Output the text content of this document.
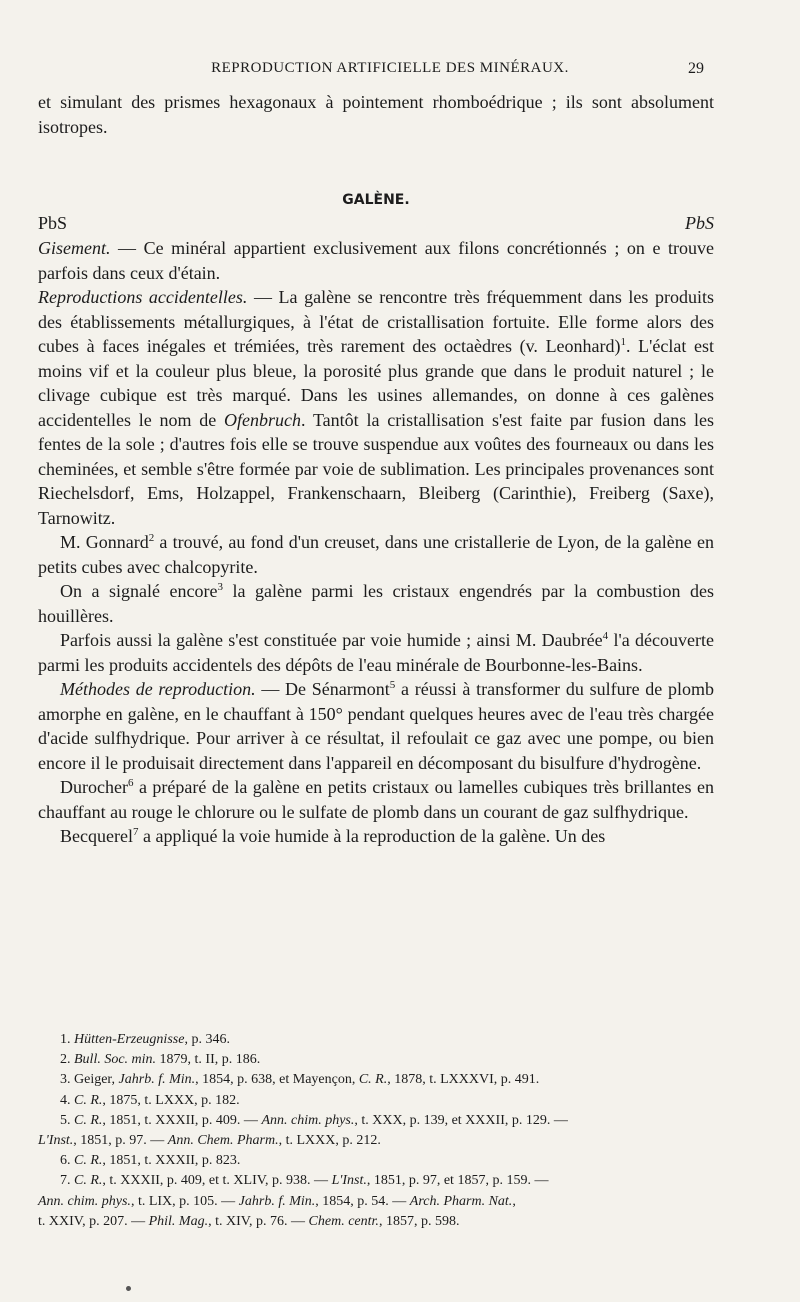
REPRODUCTION ARTIFICIELLE DES MINÉRAUX.	29

et simulant des prismes hexagonaux à pointement rhomboédrique ; ils sont absolument isotropes.

GALÈNE.
PbS	PbS

Gisement. — Ce minéral appartient exclusivement aux filons concrétionnés ; on e trouve parfois dans ceux d'étain.

Reproductions accidentelles. — La galène se rencontre très fréquemment dans les produits des établissements métallurgiques, à l'état de cristallisation fortuite. Elle forme alors des cubes à faces inégales et trémiées, très rarement des octaèdres (v. Leonhard)$^1$. L'éclat est moins vif et la couleur plus bleue, la porosité plus grande que dans le produit naturel ; le clivage cubique est très marqué. Dans les usines allemandes, on donne à ces galènes accidentelles le nom de Ofenbruch. Tantôt la cristallisation s'est faite par fusion dans les fentes de la sole ; d'autres fois elle se trouve suspendue aux voûtes des fourneaux ou dans les cheminées, et semble s'être formée par voie de sublimation. Les principales provenances sont Riechelsdorf, Ems, Holzappel, Frankenschaarn, Bleiberg (Carinthie), Freiberg (Saxe), Tarnowitz.

M. Gonnard$^2$ a trouvé, au fond d'un creuset, dans une cristallerie de Lyon, de la galène en petits cubes avec chalcopyrite.

On a signalé encore$^3$ la galène parmi les cristaux engendrés par la combustion des houillères.

Parfois aussi la galène s'est constituée par voie humide ; ainsi M. Daubrée$^4$ l'a découverte parmi les produits accidentels des dépôts de l'eau minérale de Bourbonne-les-Bains.

Méthodes de reproduction. — De Sénarmont$^5$ a réussi à transformer du sulfure de plomb amorphe en galène, en le chauffant à 150° pendant quelques heures avec de l'eau très chargée d'acide sulfhydrique. Pour arriver à ce résultat, il refoulait ce gaz avec une pompe, ou bien encore il le produisait directement dans l'appareil en décomposant du bisulfure d'hydrogène.

Durocher$^6$ a préparé de la galène en petits cristaux ou lamelles cubiques très brillantes en chauffant au rouge le chlorure ou le sulfate de plomb dans un courant de gaz sulfhydrique.

Becquerel$^7$ a appliqué la voie humide à la reproduction de la galène. Un des

1. Hütten-Erzeugnisse, p. 346.

2. Bull. Soc. min. 1879, t. II, p. 186.

3. Geiger, Jahrb. f. Min., 1854, p. 638, et Mayençon, C. R., 1878, t. LXXXVI, p. 491.

4. C. R., 1875, t. LXXX, p. 182.

5. C. R., 1851, t. XXXII, p. 409. — Ann. chim. phys., t. XXX, p. 139, et XXXII, p. 129. —

L'Inst., 1851, p. 97. — Ann. Chem. Pharm., t. LXXX, p. 212.

6. C. R., 1851, t. XXXII, p. 823.

7. C. R., t. XXXII, p. 409, et t. XLIV, p. 938. — L'Inst., 1851, p. 97, et 1857, p. 159. —

Ann. chim. phys., t. LIX, p. 105. — Jahrb. f. Min., 1854, p. 54. — Arch. Pharm. Nat.,

t. XXIV, p. 207. — Phil. Mag., t. XIV, p. 76. — Chem. centr., 1857, p. 598.
